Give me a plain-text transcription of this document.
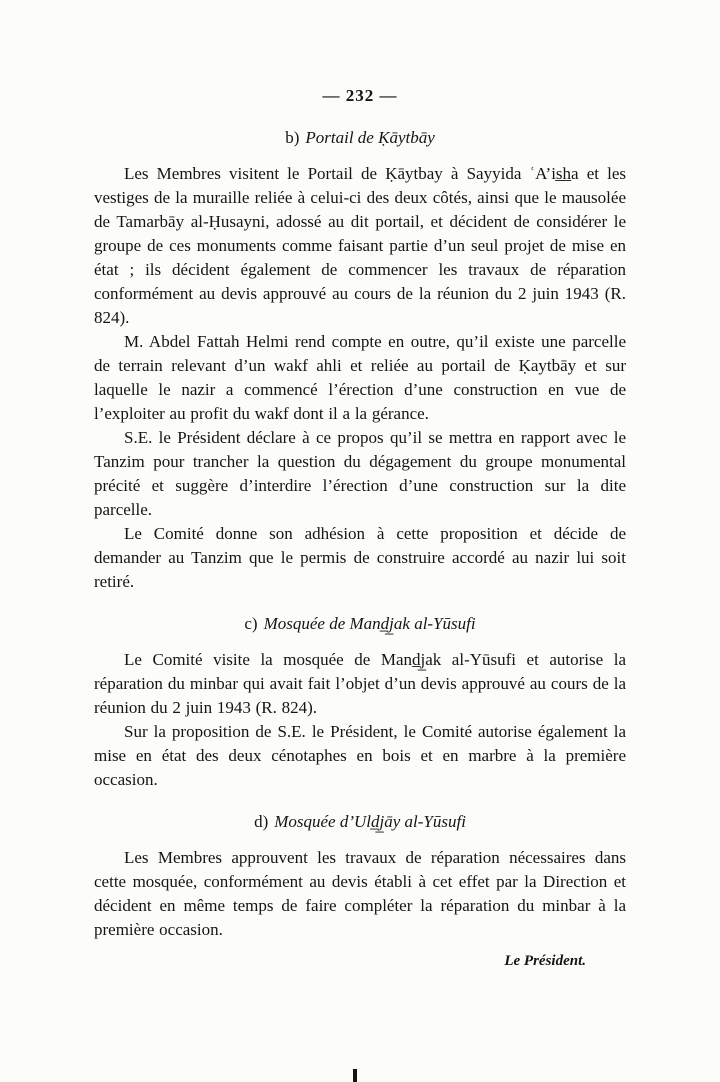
— 232 —
b) Portail de Ḳāytbāy

Les Membres visitent le Portail de Ḳāytbay à Sayyida ʿA’is̲h̲a et les vestiges de la muraille reliée à celui-ci des deux côtés, ainsi que le mausolée de Tamarbāy al-Ḥusayni, adossé au dit portail, et décident de considérer le groupe de ces monuments comme faisant partie d’un seul projet de mise en état ; ils décident également de commencer les travaux de réparation conformément au devis approuvé au cours de la réunion du 2 juin 1943 (R. 824).

M. Abdel Fattah Helmi rend compte en outre, qu’il existe une parcelle de terrain relevant d’un wakf ahli et reliée au portail de Ḳaytbāy et sur laquelle le nazir a commencé l’érection d’une construction en vue de l’exploiter au profit du wakf dont il a la gérance.

S.E. le Président déclare à ce propos qu’il se mettra en rapport avec le Tanzim pour trancher la question du dégagement du groupe monumental précité et suggère d’interdire l’érection d’une construction sur la dite parcelle.

Le Comité donne son adhésion à cette proposition et décide de demander au Tanzim que le permis de construire accordé au nazir lui soit retiré.

c) Mosquée de Mand̲j̲ak al-Yūsufi

Le Comité visite la mosquée de Mand̲j̲ak al-Yūsufi et autorise la réparation du minbar qui avait fait l’objet d’un devis approuvé au cours de la réunion du 2 juin 1943 (R. 824).

Sur la proposition de S.E. le Président, le Comité autorise également la mise en état des deux cénotaphes en bois et en marbre à la première occasion.

d) Mosquée d’Uld̲j̲āy al-Yūsufi

Les Membres approuvent les travaux de réparation nécessaires dans cette mosquée, conformément au devis établi à cet effet par la Direction et décident en même temps de faire compléter la réparation du minbar à la première occasion.

Le Président.
